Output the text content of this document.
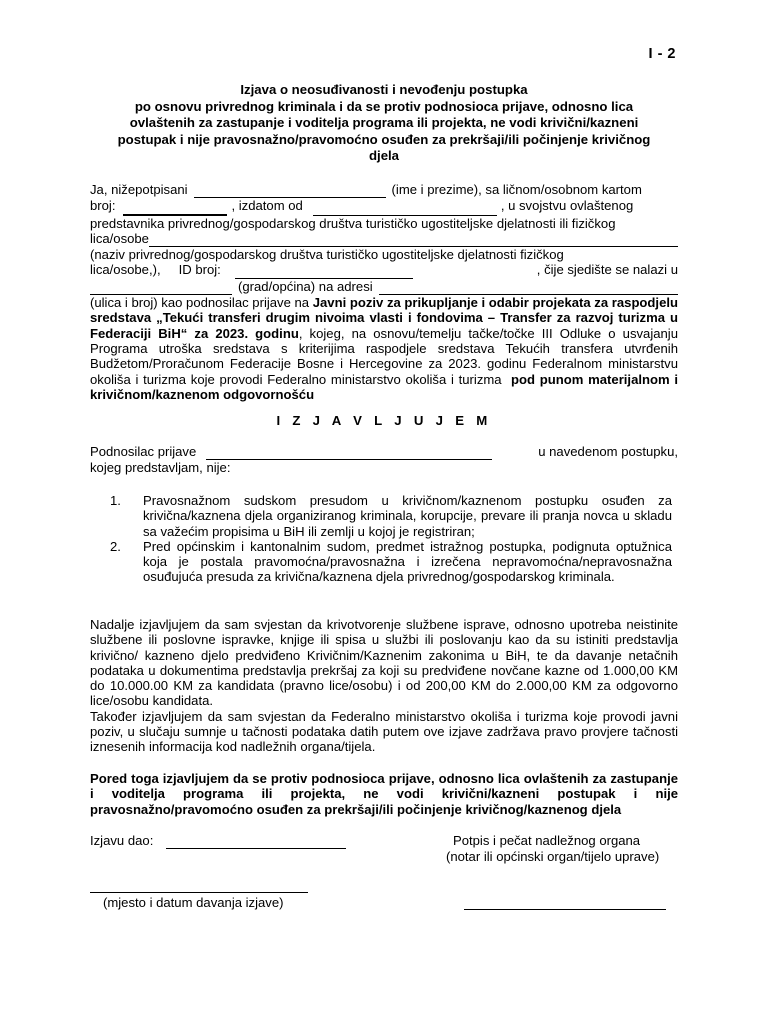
I - 2
Izjava o neosuđivanosti i nevođenju postupka
po osnovu privrednog kriminala i da se protiv podnosioca prijave, odnosno lica
ovlaštenih za zastupanje i voditelja programa ili projekta, ne vodi krivični/kazneni
postupak i nije pravosnažno/pravomoćno osuđen za prekršaji/ili počinjenje krivičnog
djela
Ja, nižepotpisani
	(ime i prezime), sa ličnom/osobnom kartom
broj:
	, izdatom od
	, u svojstvu ovlaštenog
predstavnika privrednog/gospodarskog društva turističko ugostiteljske djelatnosti ili fizičkog
lica/osobe

(naziv privrednog/gospodarskog društva turističko ugostiteljske djelatnosti fizičkog
lica/osobe,), ID broj:
	, čije sjedište se nalazi u

(grad/općina) na adresi

(ulica i broj) kao podnosilac prijave na Javni poziv za prikupljanje i odabir projekata za raspodjelu sredstava „Tekući transferi drugim nivoima vlasti i fondovima – Transfer za razvoj turizma u Federaciji BiH“ za 2023. godinu, kojeg, na osnovu/temelju tačke/točke III Odluke o usvajanju Programa utroška sredstava s kriterijima raspodjele sredstava Tekućih transfera utvrđenih Budžetom/Proračunom Federacije Bosne i Hercegovine za 2023. godinu Federalnom ministarstvu okoliša i turizma koje provodi Federalno ministarstvo okoliša i turizma pod punom materijalnom i krivičnom/kaznenom odgovornošću
I Z J A V L J U J E M
Podnosilac prijave
	u navedenom postupku,
kojeg predstavljam, nije:
1.	Pravosnažnom sudskom presudom u krivičnom/kaznenom postupku osuđen za krivična/kaznena djela organiziranog kriminala, korupcije, prevare ili pranja novca u skladu sa važećim propisima u BiH ili zemlji u kojoj je registriran;
2.	Pred općinskim i kantonalnim sudom, predmet istražnog postupka, podignuta optužnica koja je postala pravomoćna/pravosnažna i izrečena nepravomoćna/nepravosnažna osuđujuća presuda za krivična/kaznena djela privrednog/gospodarskog kriminala.
Nadalje izjavljujem da sam svjestan da krivotvorenje službene isprave, odnosno upotreba neistinite službene ili poslovne ispravke, knjige ili spisa u službi ili poslovanju kao da su istiniti predstavlja krivično/ kazneno djelo predviđeno Krivičnim/Kaznenim zakonima u BiH, te da davanje netačnih podataka u dokumentima predstavlja prekršaj za koji su predviđene novčane kazne od 1.000,00 KM do 10.000.00 KM za kandidata (pravno lice/osobu) i od 200,00 KM do 2.000,00 KM za odgovorno lice/osobu kandidata.
Također izjavljujem da sam svjestan da Federalno ministarstvo okoliša i turizma koje provodi javni poziv, u slučaju sumnje u tačnosti podataka datih putem ove izjave zadržava pravo provjere tačnosti iznesenih informacija kod nadležnih organa/tijela.
Pored toga izjavljujem da se protiv podnosioca prijave, odnosno lica ovlaštenih za zastupanje i voditelja programa ili projekta, ne vodi krivični/kazneni postupak i nije pravosnažno/pravomoćno osuđen za prekršaji/ili počinjenje krivičnog/kaznenog djela
Izjavu dao:	Potpis i pečat nadležnog organa
(notar ili općinski organ/tijelo uprave)
(mjesto i datum davanja izjave)
